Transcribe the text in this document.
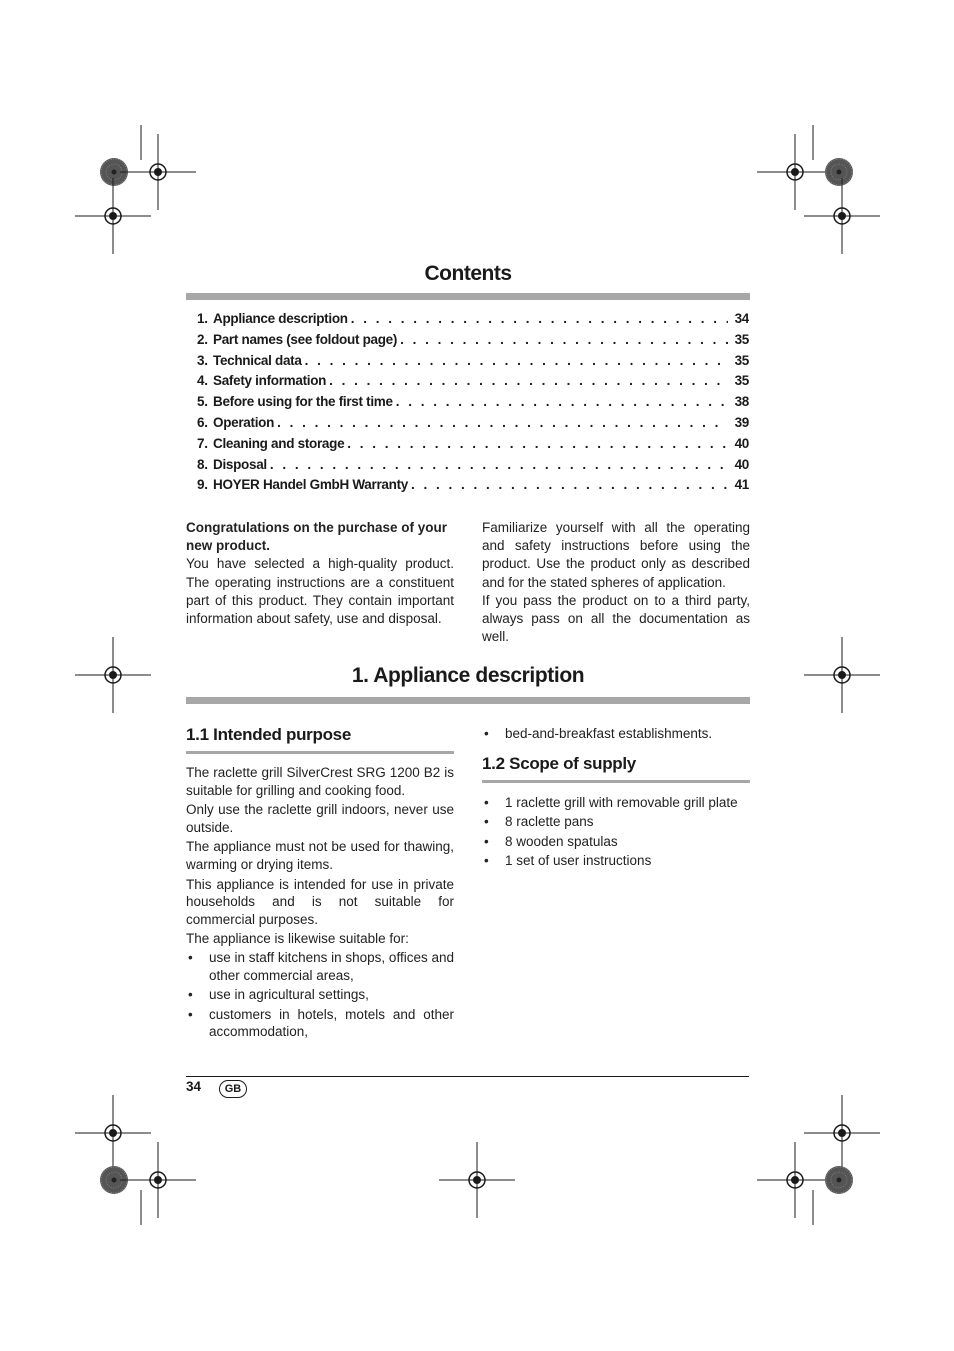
Contents
1. Appliance description . . .	34
2. Part names (see foldout page) . . .	35
3. Technical data . . .	35
4. Safety information . . .	35
5. Before using for the first time . . .	38
6. Operation . . .	39
7. Cleaning and storage . . .	40
8. Disposal . . .	40
9. HOYER Handel GmbH Warranty . . .	41

Congratulations on the purchase of your new product.

You have selected a high-quality product. The operating instructions are a constituent part of this product. They contain important information about safety, use and disposal.

Familiarize yourself with all the operating and safety instructions before using the product. Use the product only as described and for the stated spheres of application.

If you pass the product on to a third party, always pass on all the documentation as well.

1. Appliance description
1.1 Intended purpose

The raclette grill SilverCrest SRG 1200 B2 is suitable for grilling and cooking food.

Only use the raclette grill indoors, never use outside.

The appliance must not be used for thawing, warming or drying items.

This appliance is intended for use in private households and is not suitable for commercial purposes.

The appliance is likewise suitable for:

• use in staff kitchens in shops, offices and other commercial areas,
• use in agricultural settings,
• customers in hotels, motels and other accommodation,
• bed-and-breakfast establishments.
1.2 Scope of supply
• 1 raclette grill with removable grill plate
• 8 raclette pans
• 8 wooden spatulas
• 1 set of user instructions
34	GB
